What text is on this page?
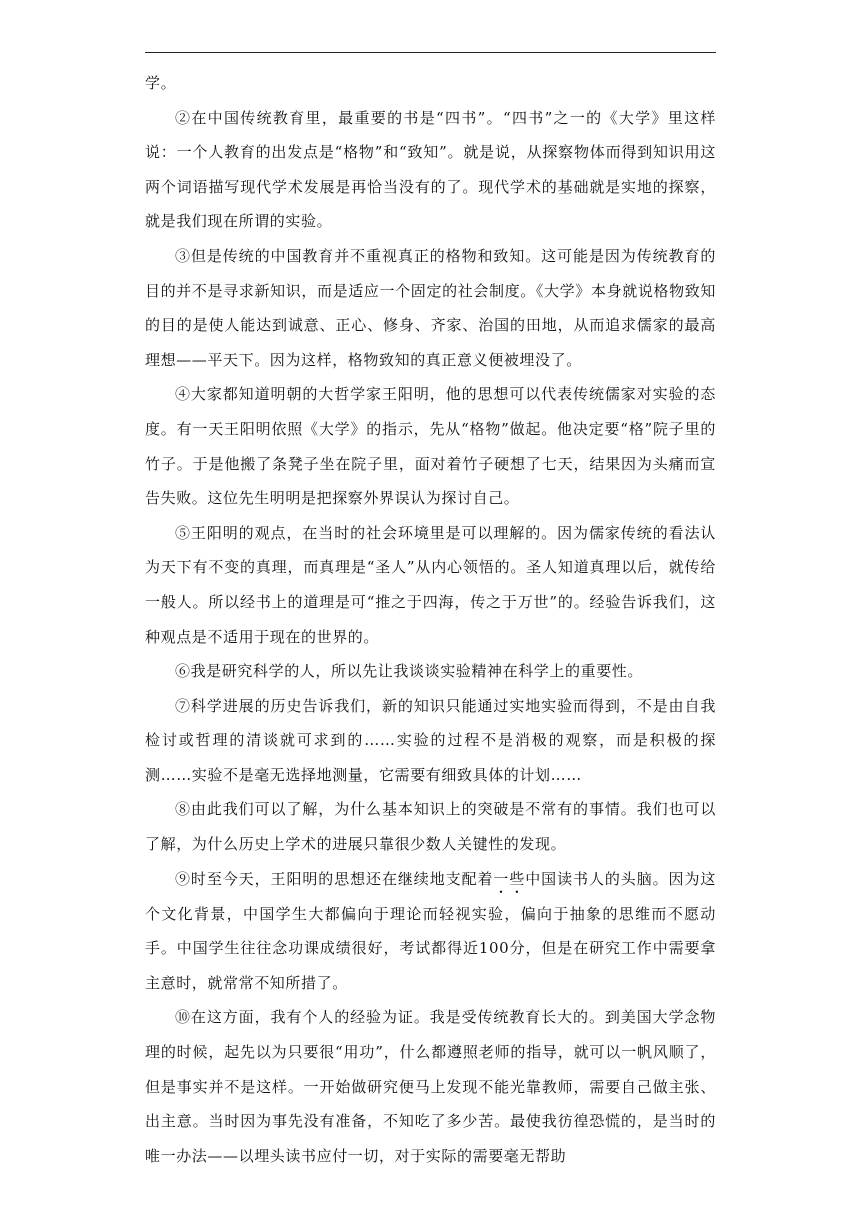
学。

②在中国传统教育里，最重要的书是“四书”。“四书”之一的《大学》里这样说：一个人教育的出发点是“格物”和“致知”。就是说，从探察物体而得到知识用这两个词语描写现代学术发展是再恰当没有的了。现代学术的基础就是实地的探察，就是我们现在所谓的实验。

③但是传统的中国教育并不重视真正的格物和致知。这可能是因为传统教育的目的并不是寻求新知识，而是适应一个固定的社会制度。《大学》本身就说格物致知的目的是使人能达到诚意、正心、修身、齐家、治国的田地，从而追求儒家的最高理想——平天下。因为这样，格物致知的真正意义便被埋没了。

④大家都知道明朝的大哲学家王阳明，他的思想可以代表传统儒家对实验的态度。有一天王阳明依照《大学》的指示，先从“格物”做起。他决定要“格”院子里的竹子。于是他搬了条凳子坐在院子里，面对着竹子硬想了七天，结果因为头痛而宣告失败。这位先生明明是把探察外界误认为探讨自己。

⑤王阳明的观点，在当时的社会环境里是可以理解的。因为儒家传统的看法认为天下有不变的真理，而真理是“圣人”从内心领悟的。圣人知道真理以后，就传给一般人。所以经书上的道理是可“推之于四海，传之于万世”的。经验告诉我们，这种观点是不适用于现在的世界的。

⑥我是研究科学的人，所以先让我谈谈实验精神在科学上的重要性。

⑦科学进展的历史告诉我们，新的知识只能通过实地实验而得到，不是由自我检讨或哲理的清谈就可求到的……实验的过程不是消极的观察，而是积极的探测……实验不是毫无选择地测量，它需要有细致具体的计划……

⑧由此我们可以了解，为什么基本知识上的突破是不常有的事情。我们也可以了解，为什么历史上学术的进展只靠很少数人关键性的发现。

⑨时至今天，王阳明的思想还在继续地支配着一些中国读书人的头脑。因为这个文化背景，中国学生大都偏向于理论而轻视实验，偏向于抽象的思维而不愿动手。中国学生往往念功课成绩很好，考试都得近100分，但是在研究工作中需要拿主意时，就常常不知所措了。

⑩在这方面，我有个人的经验为证。我是受传统教育长大的。到美国大学念物理的时候，起先以为只要很“用功”，什么都遵照老师的指导，就可以一帆风顺了，但是事实并不是这样。一开始做研究便马上发现不能光靠教师，需要自己做主张、出主意。当时因为事先没有准备，不知吃了多少苦。最使我彷徨恐慌的，是当时的唯一办法——以埋头读书应付一切，对于实际的需要毫无帮助
